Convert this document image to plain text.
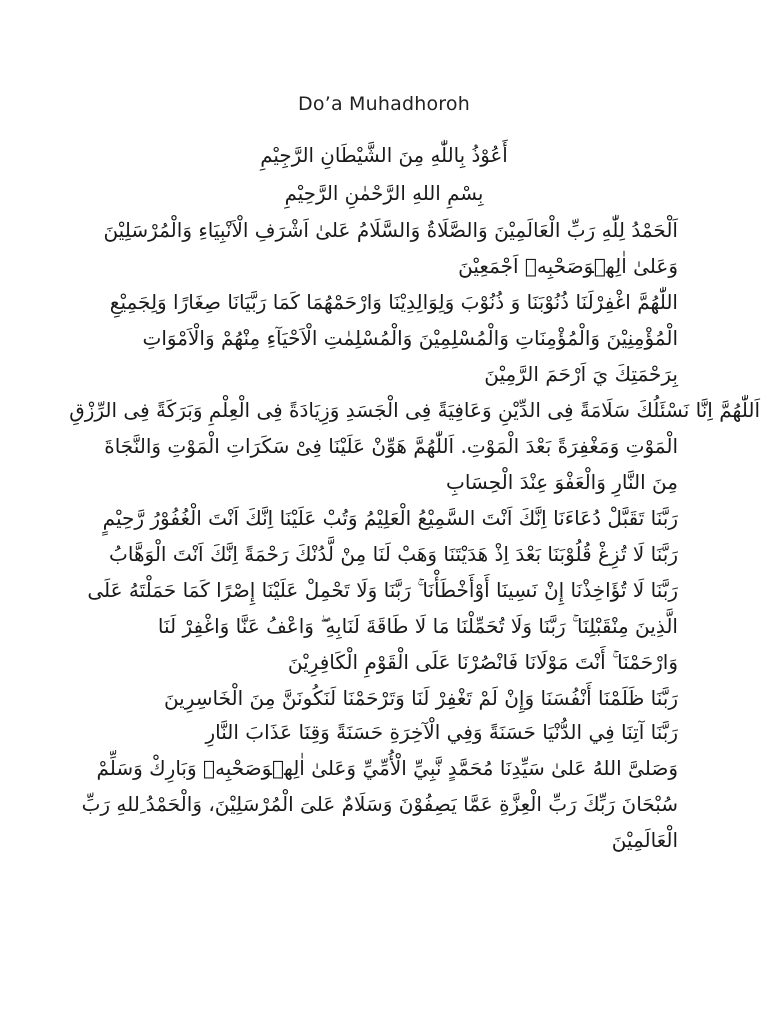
Do’a Muhadhoroh
أَعُوْذُ بِاللّٰهِ مِنَ الشَّيْطَانِ الرَّجِيْمِ
بِسْمِ اللهِ الرَّحْمٰنِ الرَّحِيْمِ
اَلْحَمْدُ لِلّٰهِ رَبِّ الْعَالَمِيْنَ وَالصَّلَاةُ وَالسَّلَامُ عَلىٰ اَشْرَفِ الْاَنْبِيَاءِ وَالْمُرْسَلِيْنَ
وَعَلىٰ اٰلِهٖوَصَحْبِهٖ اَجْمَعِيْنَ
اللّٰهُمَّ اغْفِرْلَنَا ذُنُوْبَنَا وَ ذُنُوْبَ وَلِوَالِدِيْنَا وَارْحَمْهُمَا كَمَا رَبَّيَانَا صِغَارًا وَلِجَمِيْعِ
الْمُؤْمِنِيْنَ وَالْمُؤْمِنَاتِ وَالْمُسْلِمِيْنَ وَالْمُسْلِمٰتِ الْاَحْيَآءِ مِنْهُمْ وَالْاَمْوَاتِ
بِرَحْمَتِكَ يَ اَرْحَمَ الرَّمِيْنَ
اَللّٰهُمَّ اِنَّا نَسْئَلُكَ سَلَامَةً فِى الدِّيْنِ وَعَافِيَةً فِى الْجَسَدِ وَزِيَادَةً فِى الْعِلْمِ وَبَرَكَةً فِى الرِّزْقِ
الْمَوْتِ وَمَغْفِرَةً بَعْدَ الْمَوْتِ. اَللّٰهُمَّ هَوِّنْ عَلَيْنَا فِىْ سَكَرَاتِ الْمَوْتِ وَالنَّجَاةَ
مِنَ النَّارِ وَالْعَفْوَ عِنْدَ الْحِسَابِ
رَبَّنَا تَقَبَّلْ دُعَاءَنَا اِنَّكَ اَنْتَ السَّمِيْعُ الْعَلِيْمُ وَتُبْ عَلَيْنَا اِنَّكَ اَنْتَ الْغُفُوْرُ رَّحِيْمٍ
رَبَّنَا لَا تُزِغْ قُلُوْبَنَا بَعْدَ اِذْ هَدَيْتَنَا وَهَبْ لَنَا مِنْ لَّدُنْكَ رَحْمَةً اِنَّكَ اَنْتَ الْوَهَّابُ
رَبَّنَا لَا تُؤَاخِذْنَا إِنْ نَسِينَا أَوْأَخْطَأْنَا ۚ رَبَّنَا وَلَا تَحْمِلْ عَلَيْنَا إِصْرًا كَمَا حَمَلْتَهُ عَلَى
الَّذِينَ مِنْقَبْلِنَا ۚ رَبَّنَا وَلَا تُحَمِّلْنَا مَا لَا طَاقَةَ لَنَابِهِ ۖ وَاعْفُ عَنَّا وَاغْفِرْ لَنَا
وَارْحَمْنَا ۚ أَنْتَ مَوْلَانَا فَانْصُرْنَا عَلَى الْقَوْمِ الْكَافِرِيْنَ
رَبَّنَا ظَلَمْنَا أَنْفُسَنَا وَإِنْ لَمْ تَغْفِرْ لَنَا وَتَرْحَمْنَا لَنَكُونَنَّ مِنَ الْخَاسِرِينَ
رَبَّنَا آتِنَا فِي الدُّنْيَا حَسَنَةً وَفِي الْآخِرَةِ حَسَنَةً وَقِنَا عَذَابَ النَّارِ
وَصَلىَّ اللهُ عَلىٰ سَيِّدِنَا مُحَمَّدٍ نَّبِيِّ الْأُمِّيِّ وَعَلىٰ اٰلِهٖوَصَحْبِهٖ وَبَارِكْ وَسَلِّمْ
سُبْحَانَ رَبِّكَ رَبِّ الْعِزَّةِ عَمَّا يَصِفُوْنَ وَسَلَامٌ عَلىَ الْمُرْسَلِيْنَ، وَالْحَمْدُ ِللهِ رَبِّ
الْعَالَمِيْنَ
